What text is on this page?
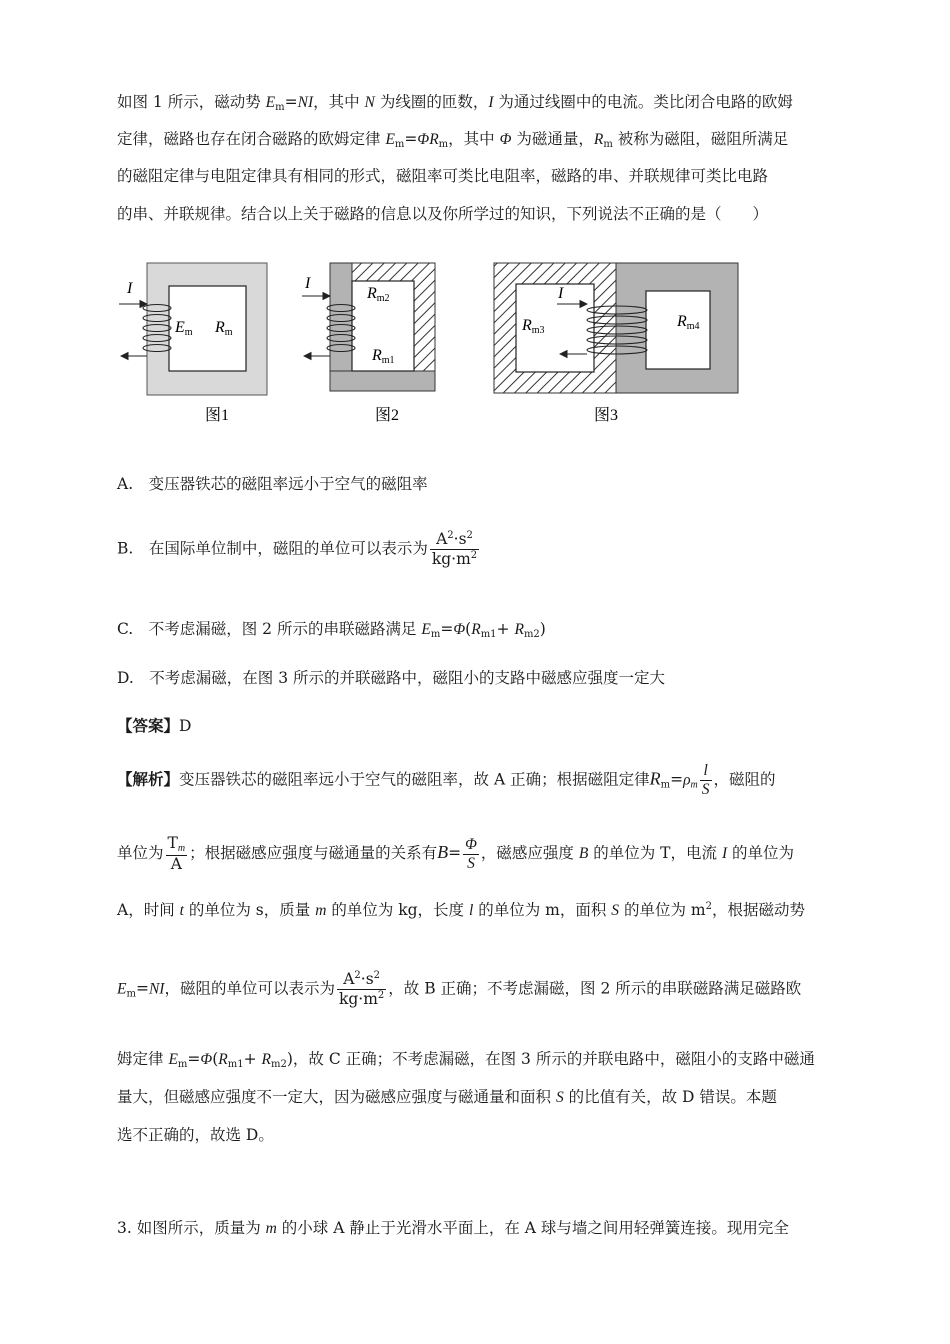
如图 1 所示，磁动势 $E_m=NI$，其中 N 为线圈的匝数，I 为通过线圈中的电流。类比闭合电路的欧姆
定律，磁路也存在闭合磁路的欧姆定律 $E_m=\Phi R_m$，其中 Φ 为磁通量，$R_m$ 被称为磁阻，磁阻所满足
的磁阻定律与电阻定律具有相同的形式，磁阻率可类比电阻率，磁路的串、并联规律可类比电路
的串、并联规律。结合以上关于磁路的信息以及你所学过的知识，下列说法不正确的是（　　）
I
Em Rm
图1
I
Rm2
Rm1
图2
I
Rm3
Rm4
图3
A.　变压器铁芯的磁阻率远小于空气的磁阻率
B.　在国际单位制中，磁阻的单位可以表示为 $\frac{A^2\cdot s^2}{kg\cdot m^2}$
C.　不考虑漏磁，图 2 所示的串联磁路满足 $E_m=\Phi(R_{m1}+ R_{m2})$
D.　不考虑漏磁，在图 3 所示的并联磁路中，磁阻小的支路中磁感应强度一定大
【答案】D
【解析】变压器铁芯的磁阻率远小于空气的磁阻率，故 A 正确；根据磁阻定律$R_m=\rho_m \frac{l}{S}$ ，磁阻的
单位为 $\frac{T_m}{A}$ ；根据磁感应强度与磁通量的关系有$B= \frac{\Phi}{S}$ ，磁感应强度 B 的单位为 T，电流 I 的单位为
A，时间 t 的单位为 s，质量 m 的单位为 kg，长度 l 的单位为 m，面积 S 的单位为 $m^2$，根据磁动势
$E_m=NI$，磁阻的单位可以表示为 $\frac{A^2\cdot s^2}{kg\cdot m^2}$ ，故 B 正确；不考虑漏磁，图 2 所示的串联磁路满足磁路欧
姆定律 $E_m=\Phi(R_{m1}+ R_{m2})$，故 C 正确；不考虑漏磁，在图 3 所示的并联电路中，磁阻小的支路中磁通
量大，但磁感应强度不一定大，因为磁感应强度与磁通量和面积 S 的比值有关，故 D 错误。本题
选不正确的，故选 D。
3. 如图所示，质量为 m 的小球 A 静止于光滑水平面上，在 A 球与墙之间用轻弹簧连接。现用完全
